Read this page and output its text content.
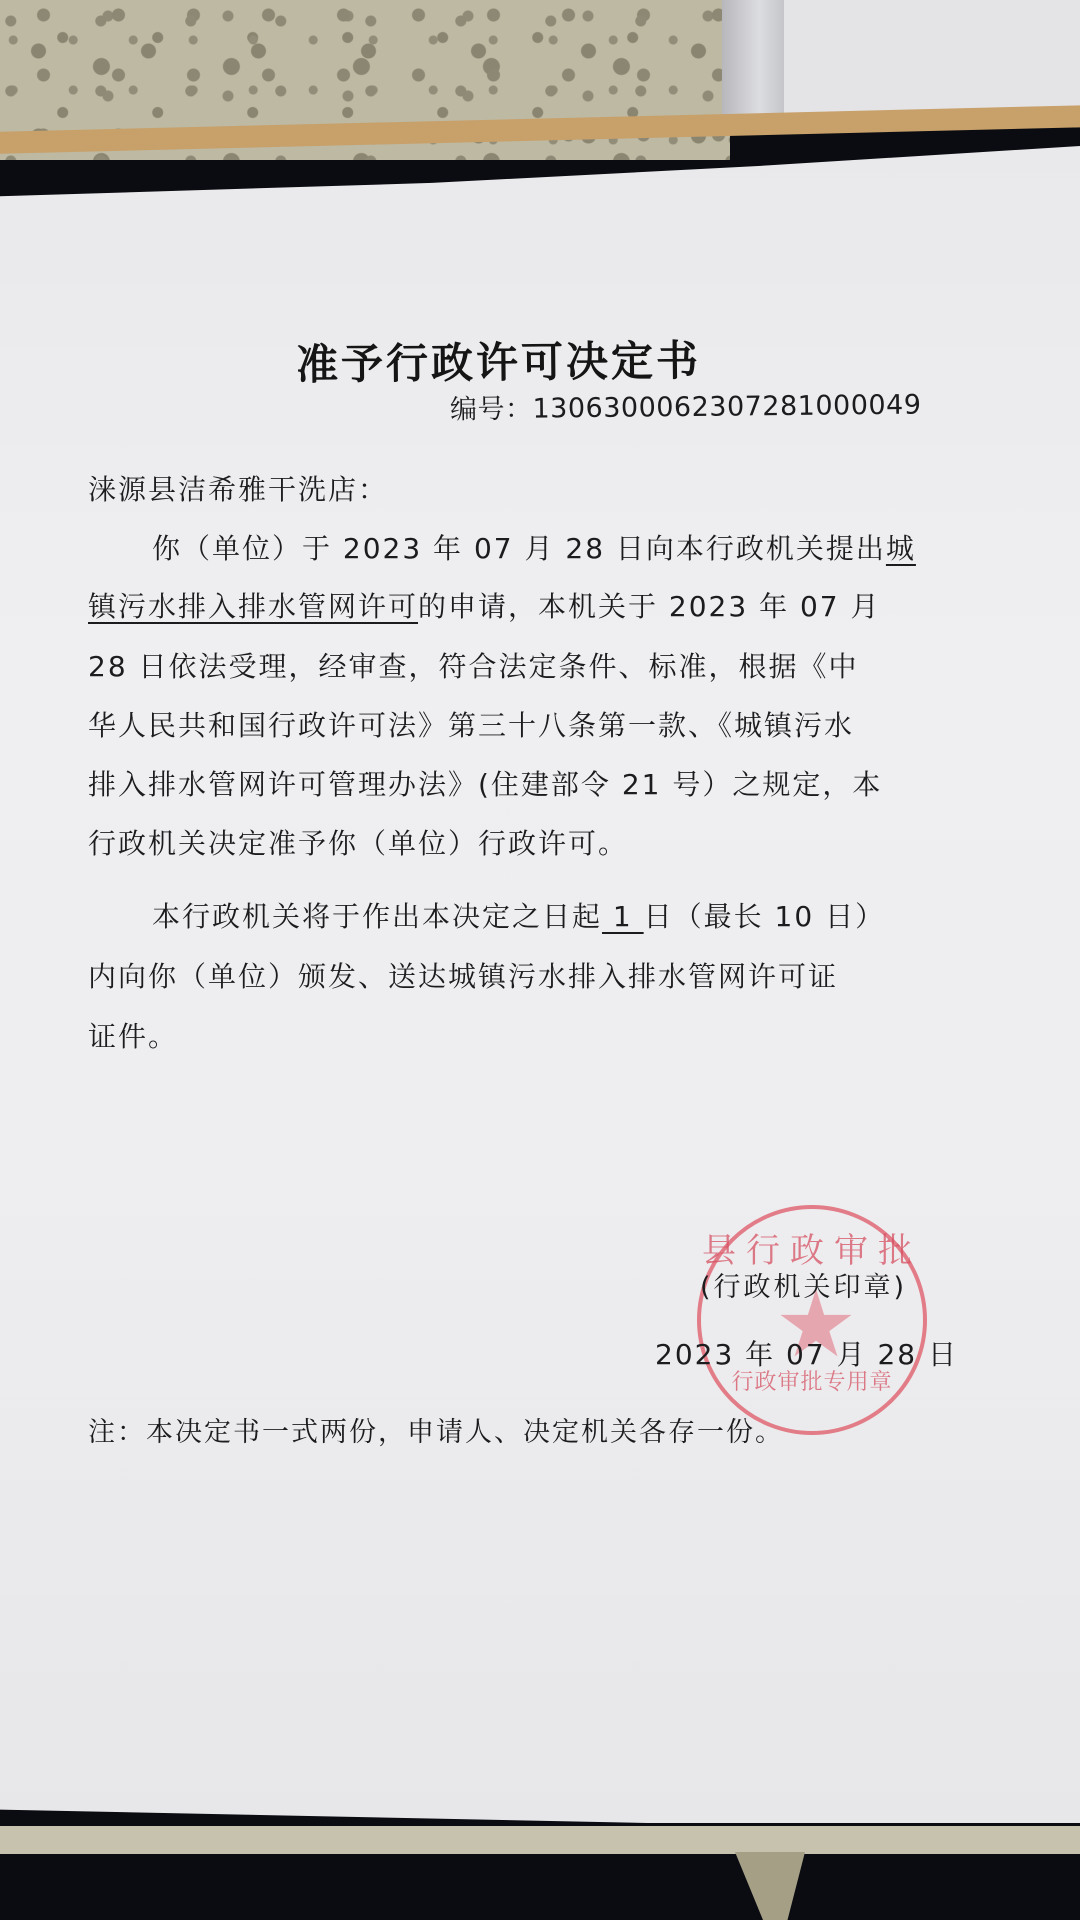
准予行政许可决定书
编号：1306300062307281000049
涞源县洁希雅干洗店：
你（单位）于 2023 年 07 月 28 日向本行政机关提出城
镇污水排入排水管网许可的申请，本机关于 2023 年 07 月
28 日依法受理，经审查，符合法定条件、标准，根据《中
华人民共和国行政许可法》第三十八条第一款、《城镇污水
排入排水管网许可管理办法》(住建部令 21 号）之规定，本
行政机关决定准予你（单位）行政许可。
本行政机关将于作出本决定之日起 1 日（最长 10 日）
内向你（单位）颁发、送达城镇污水排入排水管网许可证
证件。
县行政审批
行政审批专用章
(行政机关印章)
2023 年 07 月 28 日
注：本决定书一式两份，申请人、决定机关各存一份。
